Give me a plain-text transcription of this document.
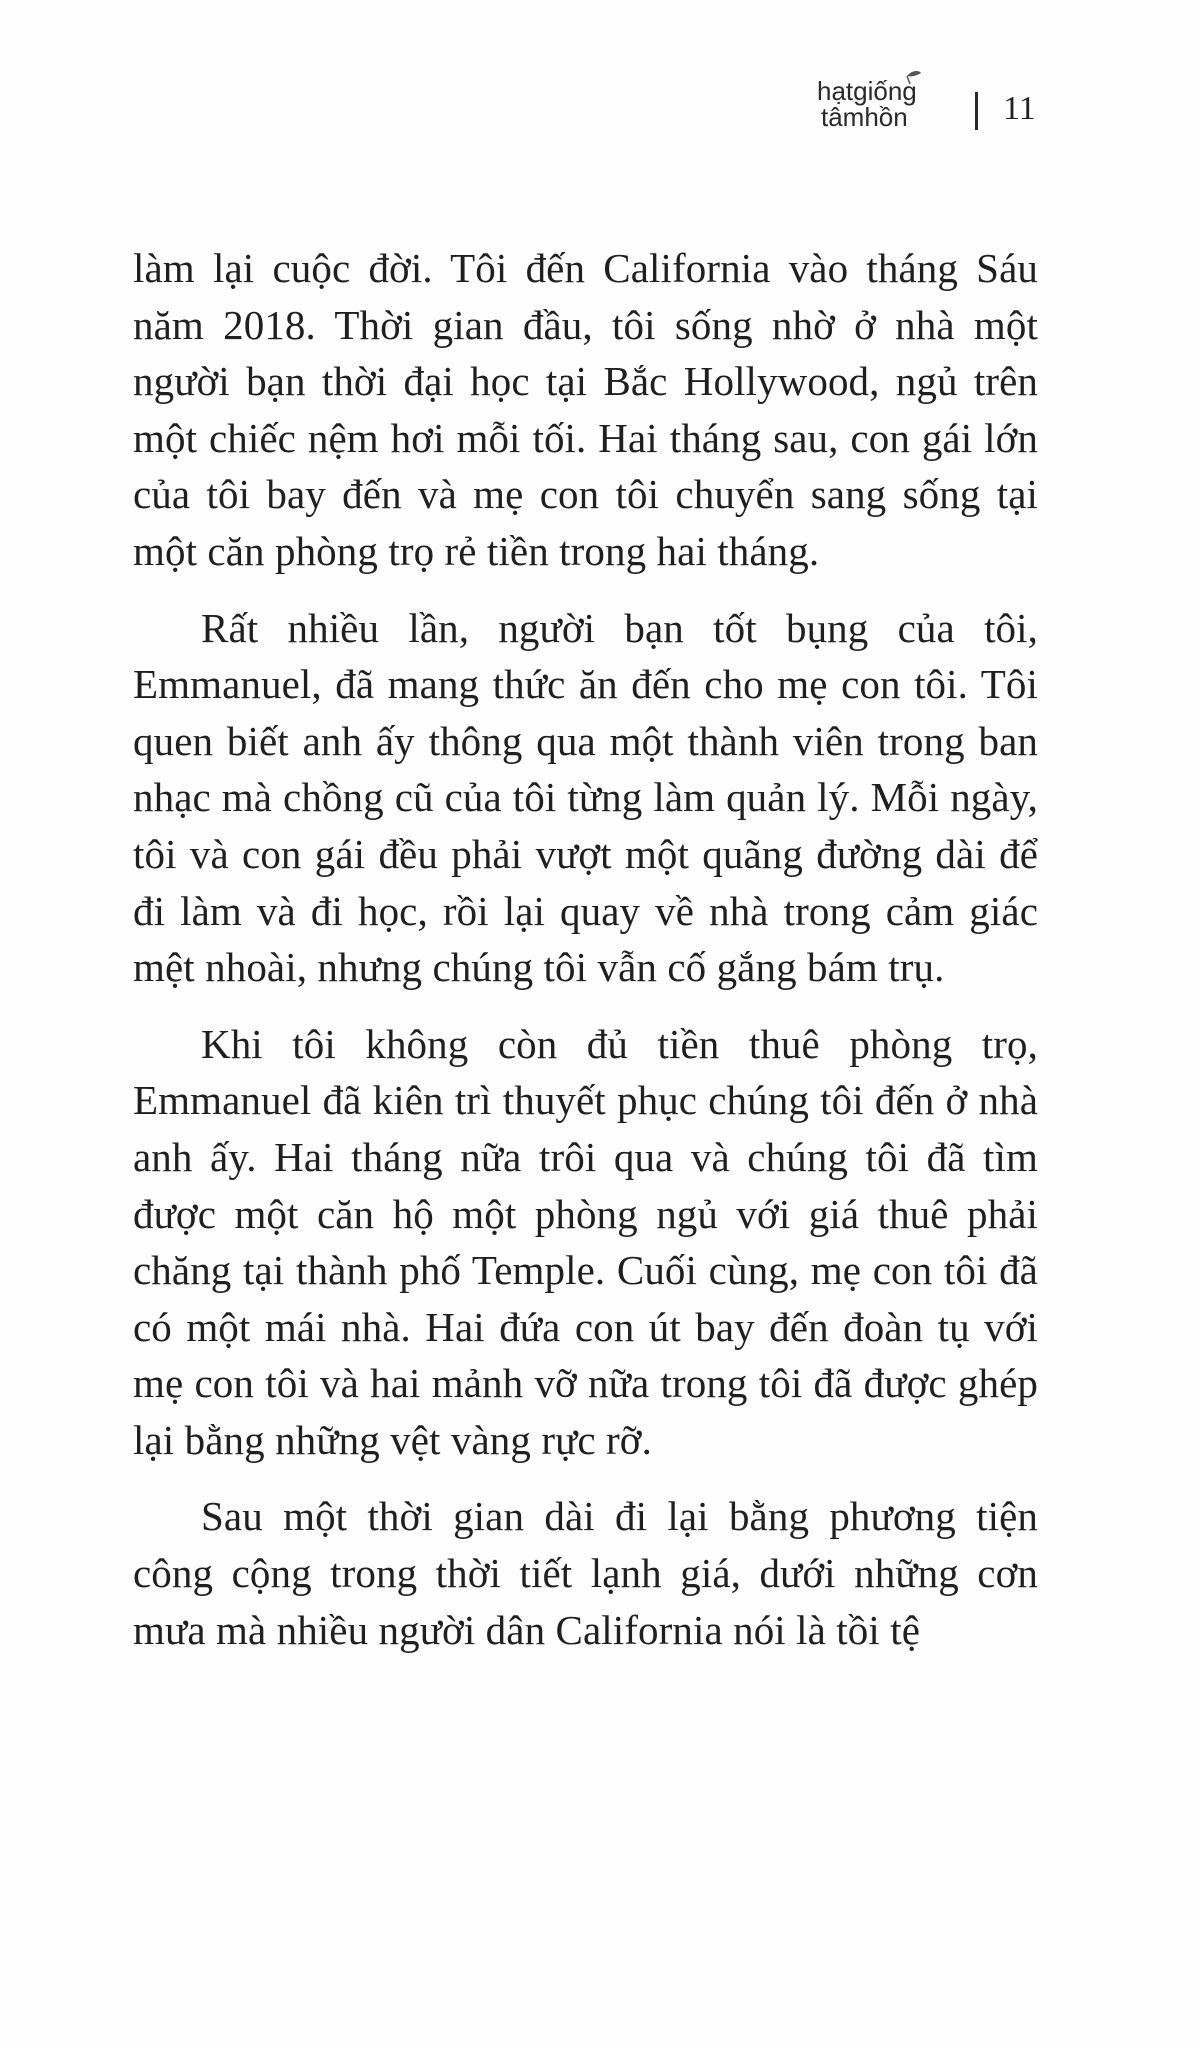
hạtgiống
tâmhồn	11

làm lại cuộc đời. Tôi đến California vào tháng Sáu năm 2018. Thời gian đầu, tôi sống nhờ ở nhà một người bạn thời đại học tại Bắc Hollywood, ngủ trên một chiếc nệm hơi mỗi tối. Hai tháng sau, con gái lớn của tôi bay đến và mẹ con tôi chuyển sang sống tại một căn phòng trọ rẻ tiền trong hai tháng.

Rất nhiều lần, người bạn tốt bụng của tôi, Emmanuel, đã mang thức ăn đến cho mẹ con tôi. Tôi quen biết anh ấy thông qua một thành viên trong ban nhạc mà chồng cũ của tôi từng làm quản lý. Mỗi ngày, tôi và con gái đều phải vượt một quãng đường dài để đi làm và đi học, rồi lại quay về nhà trong cảm giác mệt nhoài, nhưng chúng tôi vẫn cố gắng bám trụ.

Khi tôi không còn đủ tiền thuê phòng trọ, Emmanuel đã kiên trì thuyết phục chúng tôi đến ở nhà anh ấy. Hai tháng nữa trôi qua và chúng tôi đã tìm được một căn hộ một phòng ngủ với giá thuê phải chăng tại thành phố Temple. Cuối cùng, mẹ con tôi đã có một mái nhà. Hai đứa con út bay đến đoàn tụ với mẹ con tôi và hai mảnh vỡ nữa trong tôi đã được ghép lại bằng những vệt vàng rực rỡ.

Sau một thời gian dài đi lại bằng phương tiện công cộng trong thời tiết lạnh giá, dưới những cơn mưa mà nhiều người dân California nói là tồi tệ
